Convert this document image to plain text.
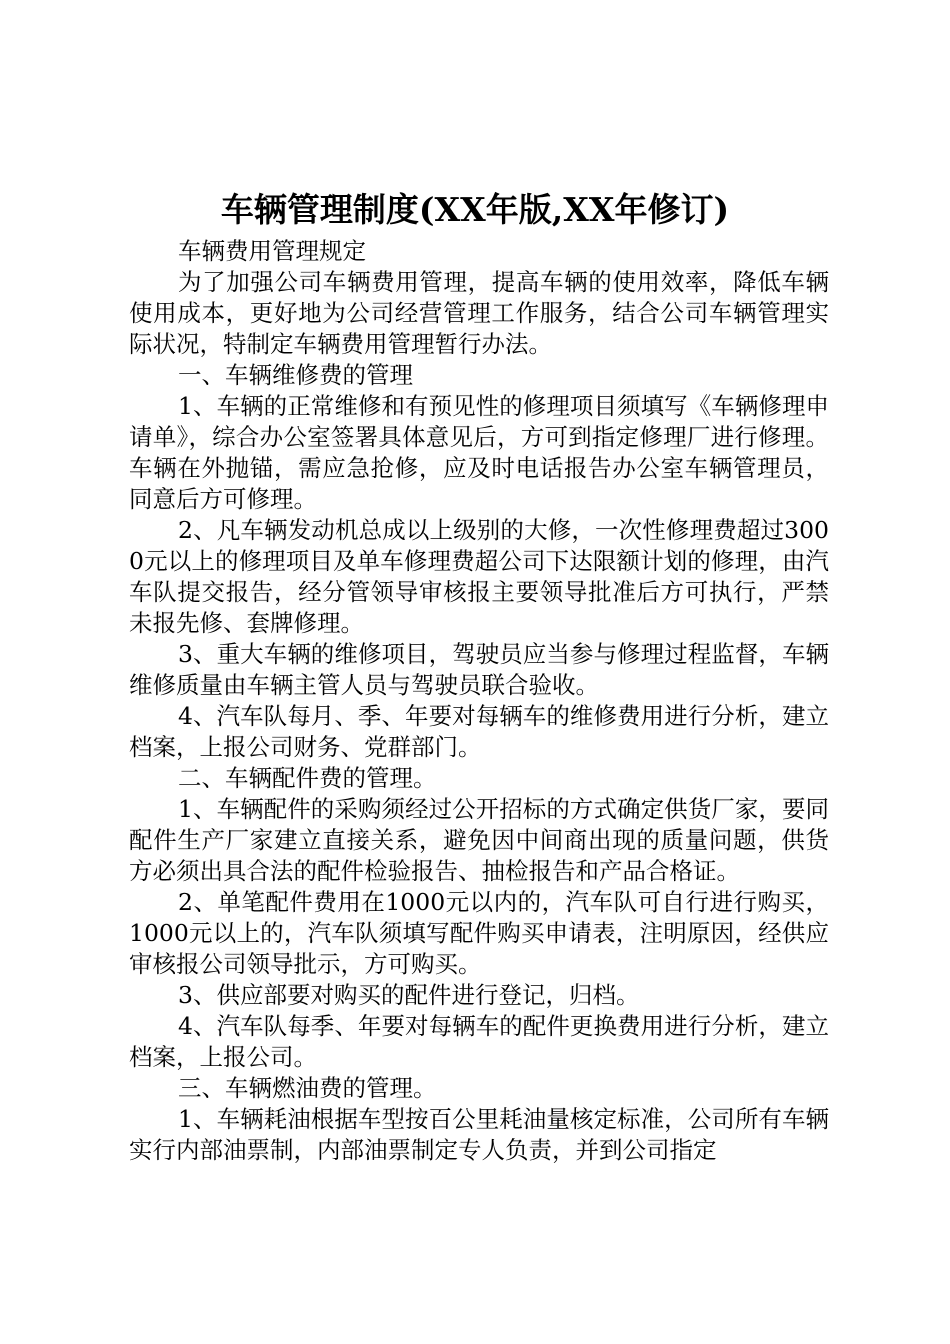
车辆管理制度(XX年版,XX年修订)

车辆费用管理规定

为了加强公司车辆费用管理，提高车辆的使用效率，降低车辆使用成本，更好地为公司经营管理工作服务，结合公司车辆管理实际状况，特制定车辆费用管理暂行办法。

一、车辆维修费的管理

1、车辆的正常维修和有预见性的修理项目须填写《车辆修理申请单》，综合办公室签署具体意见后，方可到指定修理厂进行修理。车辆在外抛锚，需应急抢修，应及时电话报告办公室车辆管理员，同意后方可修理。

2、凡车辆发动机总成以上级别的大修，一次性修理费超过3000元以上的修理项目及单车修理费超公司下达限额计划的修理，由汽车队提交报告，经分管领导审核报主要领导批准后方可执行，严禁未报先修、套牌修理。

3、重大车辆的维修项目，驾驶员应当参与修理过程监督，车辆维修质量由车辆主管人员与驾驶员联合验收。

4、汽车队每月、季、年要对每辆车的维修费用进行分析，建立档案，上报公司财务、党群部门。

二、车辆配件费的管理。

1、车辆配件的采购须经过公开招标的方式确定供货厂家，要同配件生产厂家建立直接关系，避免因中间商出现的质量问题，供货方必须出具合法的配件检验报告、抽检报告和产品合格证。

2、单笔配件费用在1000元以内的，汽车队可自行进行购买，1000元以上的，汽车队须填写配件购买申请表，注明原因，经供应审核报公司领导批示，方可购买。

3、供应部要对购买的配件进行登记，归档。

4、汽车队每季、年要对每辆车的配件更换费用进行分析，建立档案，上报公司。

三、车辆燃油费的管理。

1、车辆耗油根据车型按百公里耗油量核定标准，公司所有车辆实行内部油票制，内部油票制定专人负责，并到公司指定
